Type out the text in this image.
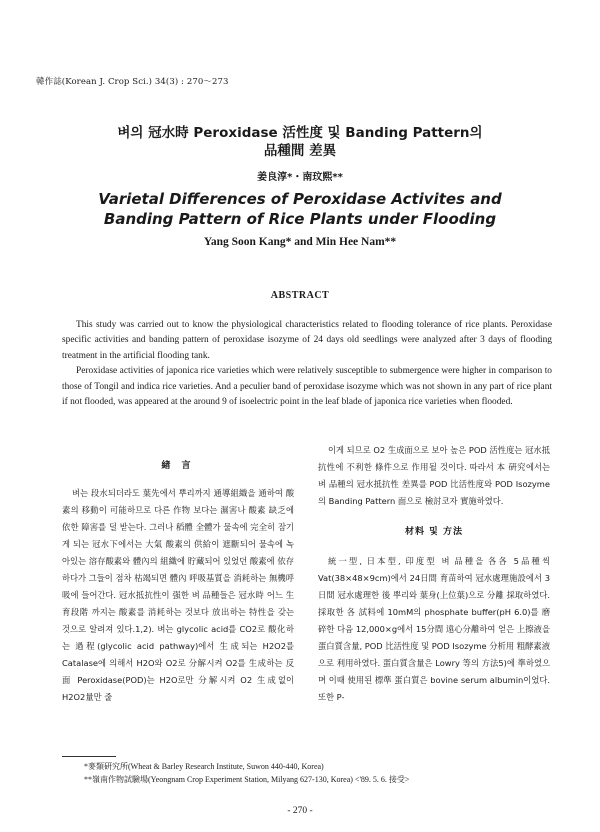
韓作誌(Korean J. Crop Sci.) 34(3) : 270〜273
벼의 冠水時 Peroxidase 活性度 및 Banding Pattern의
品種間 差異
姜良淳*・南玟熙**
Varietal Differences of Peroxidase Activites and
Banding Pattern of Rice Plants under Flooding
Yang Soon Kang* and Min Hee Nam**
ABSTRACT

This study was carried out to know the physiological characteristics related to flooding tolerance of rice plants. Peroxidase specific activities and banding pattern of peroxidase isozyme of 24 days old seedlings were analyzed after 3 days of flooding treatment in the artificial flooding tank.

Peroxidase activities of japonica rice varieties which were relatively susceptible to submergence were higher in comparison to those of Tongil and indica rice varieties. And a peculier band of peroxidase isozyme which was not shown in any part of rice plant if not flooded, was appeared at the around 9 of isoelectric point in the leaf blade of japonica rice varieties when flooded.

緖 言

벼는 段水되더라도 葉先에서 뿌리까지 通導組織을 通하여 酸素의 移動이 可能하므로 다른 作物 보다는 濕害나 酸素 缺乏에 依한 障害를 덜 받는다. 그러나 稻體 全體가 물속에 完全히 잠기게 되는 冠水下에서는 大氣 酸素의 供給이 遮斷되어 물속에 녹아있는 溶存酸素와 體內의 組織에 貯藏되어 있었던 酸素에 依存하다가 그들이 점차 枯竭되면 體內 呼吸基質을 消耗하는 無機呼吸에 들어간다. 冠水抵抗性이 强한 벼 品種들은 冠水時 어느 生育段階 까지는 酸素를 消耗하는 것보다 放出하는 特性을 갖는 것으로 알려져 있다.1,2). 벼는 glycolic acid를 CO2로 酸化하는 過程(glycolic acid pathway)에서 生成되는 H2O2를 Catalase에 의해서 H2O와 O2로 分解시켜 O2를 生成하는 反面 Peroxidase(POD)는 H2O로만 分解시켜 O2 生成없이 H2O2量만 줄

이게 되므로 O2 生成面으로 보아 높은 POD 活性度는 冠水抵抗性에 不利한 條件으로 作用될 것이다. 따라서 本 硏究에서는 벼 品種의 冠水抵抗性 差異를 POD 比活性度와 POD Isozyme의 Banding Pattern 面으로 檢討코자 實施하였다.

材料 및 方法

統一型, 日本型, 印度型 벼 品種을 各各 5品種씩 Vat(38×48×9cm)에서 24日間 育苗하여 冠水處理施設에서 3日間 冠水處理한 後 뿌리와 葉身(上位葉)으로 分離 採取하였다. 採取한 各 試料에 10mM의 phosphate buffer(pH 6.0)를 磨碎한 다음 12,000×g에서 15分間 遠心分離하여 얻은 上擦液을 蛋白質含量, POD 比活性度 및 POD Isozyme 分析用 粗酵素液으로 利用하였다. 蛋白質含量은 Lowry 等의 方法5)에 準하였으며 이때 使用된 標準 蛋白質은 bovine serum albumin이었다. 또한 P-

*麥類硏究所(Wheat & Barley Research Institute, Suwon 440-440, Korea)
**嶺南作物試驗場(Yeongnam Crop Experiment Station, Milyang 627-130, Korea) <'89. 5. 6. 接受>
- 270 -
